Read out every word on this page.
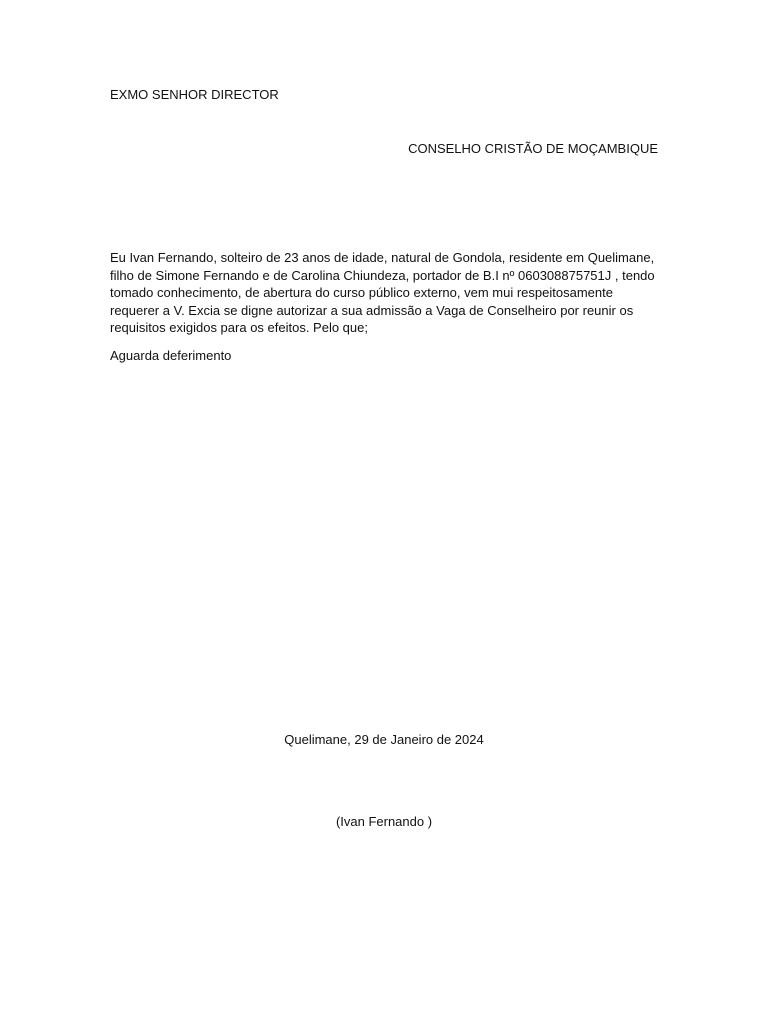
EXMO SENHOR DIRECTOR
CONSELHO CRISTÃO DE MOÇAMBIQUE

Eu Ivan Fernando, solteiro de 23 anos de idade, natural de Gondola, residente em Quelimane,
filho de Simone Fernando e de Carolina Chiundeza, portador de B.I nº 060308875751J , tendo
tomado conhecimento, de abertura do curso público externo, vem mui respeitosamente
requerer a V. Excia se digne autorizar a sua admissão a Vaga de Conselheiro por reunir os
requisitos exigidos para os efeitos. Pelo que;

Aguarda deferimento
Quelimane, 29 de Janeiro de 2024
(Ivan Fernando )
